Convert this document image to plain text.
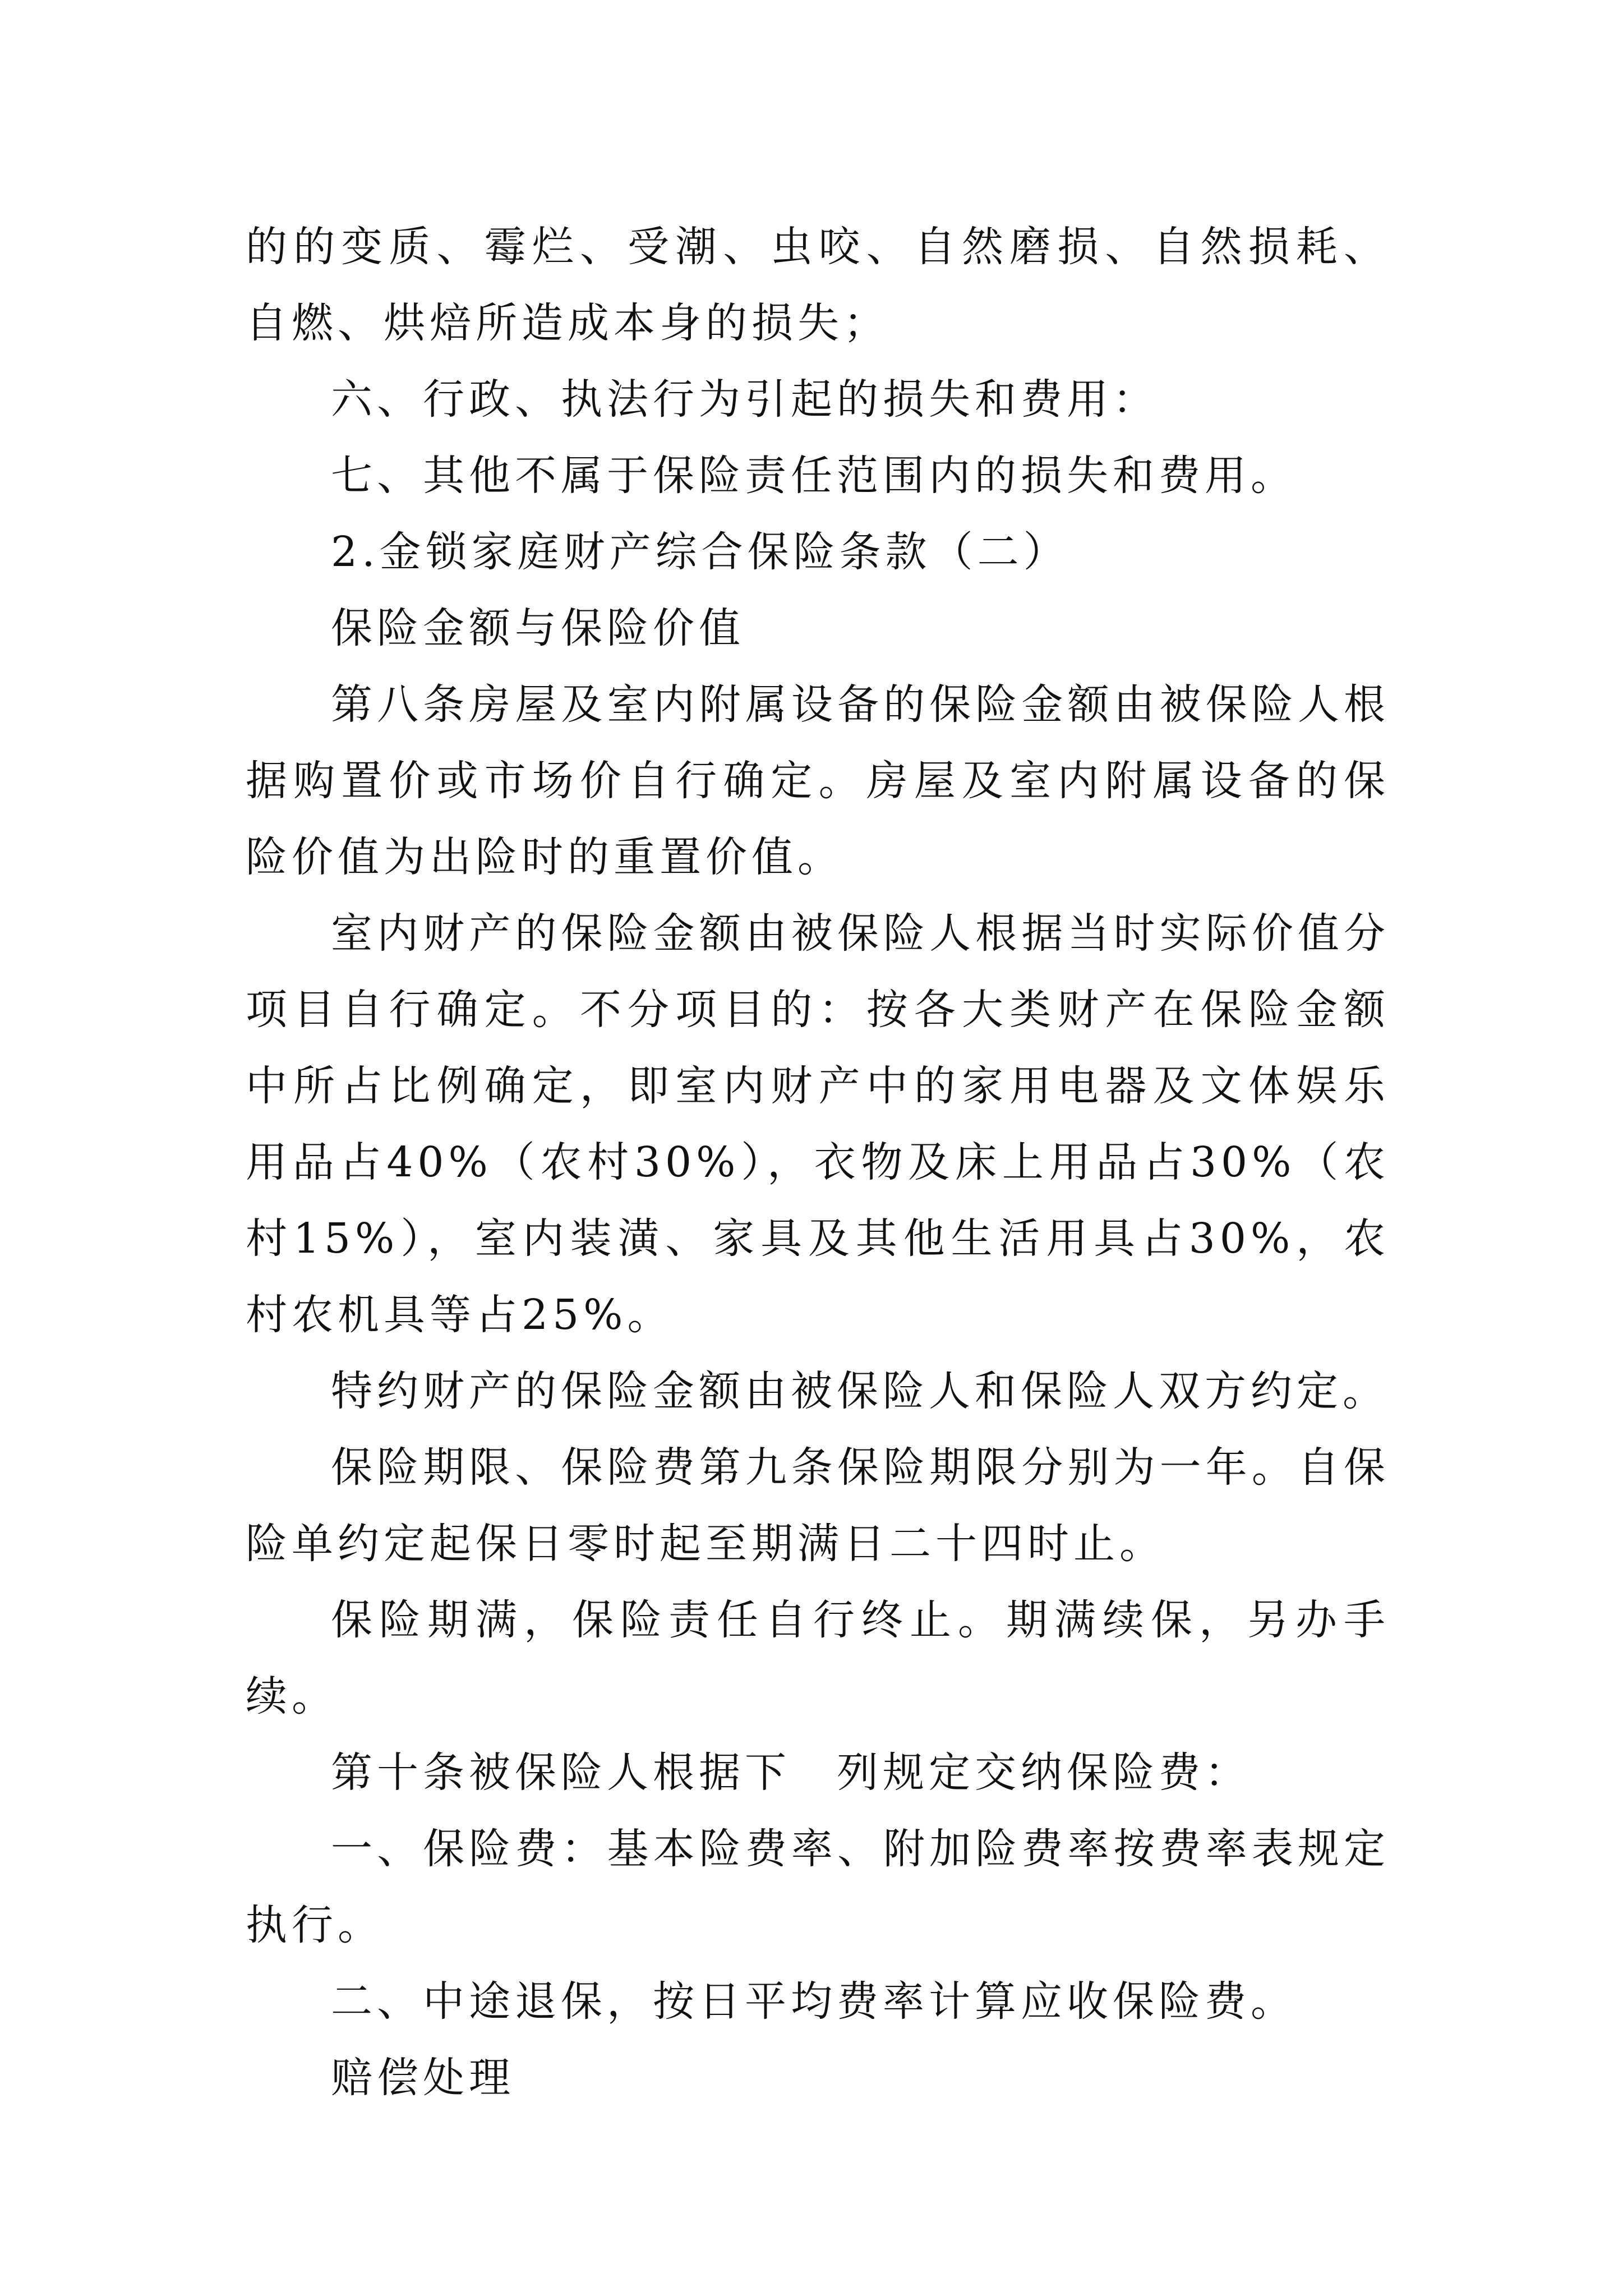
的的变质、霉烂、受潮、虫咬、自然磨损、自然损耗、自燃、烘焙所造成本身的损失；

六、行政、执法行为引起的损失和费用：

七、其他不属于保险责任范围内的损失和费用。

2.金锁家庭财产综合保险条款（二）

保险金额与保险价值

第八条房屋及室内附属设备的保险金额由被保险人根据购置价或市场价自行确定。房屋及室内附属设备的保险价值为出险时的重置价值。

室内财产的保险金额由被保险人根据当时实际价值分项目自行确定。不分项目的：按各大类财产在保险金额中所占比例确定，即室内财产中的家用电器及文体娱乐用品占40%（农村30%），衣物及床上用品占30%（农村15%），室内装潢、家具及其他生活用具占30%，农村农机具等占25%。

特约财产的保险金额由被保险人和保险人双方约定。

保险期限、保险费第九条保险期限分别为一年。自保险单约定起保日零时起至期满日二十四时止。

保险期满，保险责任自行终止。期满续保，另办手续。

第十条被保险人根据下　列规定交纳保险费：

一、保险费：基本险费率、附加险费率按费率表规定执行。

二、中途退保，按日平均费率计算应收保险费。

赔偿处理
